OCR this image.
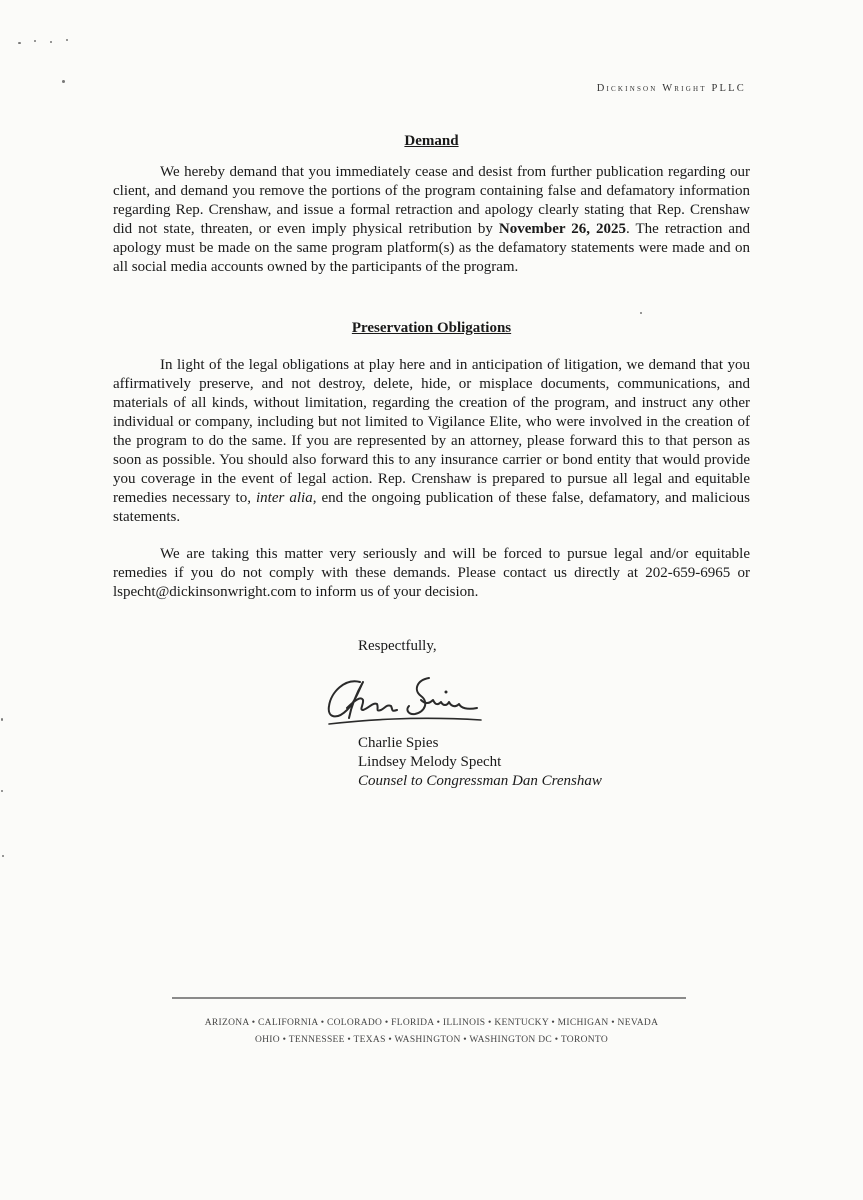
Dickinson Wright PLLC
Demand

We hereby demand that you immediately cease and desist from further publication regarding our client, and demand you remove the portions of the program containing false and defamatory information regarding Rep. Crenshaw, and issue a formal retraction and apology clearly stating that Rep. Crenshaw did not state, threaten, or even imply physical retribution by November 26, 2025. The retraction and apology must be made on the same program platform(s) as the defamatory statements were made and on all social media accounts owned by the participants of the program.

Preservation Obligations

In light of the legal obligations at play here and in anticipation of litigation, we demand that you affirmatively preserve, and not destroy, delete, hide, or misplace documents, communications, and materials of all kinds, without limitation, regarding the creation of the program, and instruct any other individual or company, including but not limited to Vigilance Elite, who were involved in the creation of the program to do the same. If you are represented by an attorney, please forward this to that person as soon as possible. You should also forward this to any insurance carrier or bond entity that would provide you coverage in the event of legal action. Rep. Crenshaw is prepared to pursue all legal and equitable remedies necessary to, inter alia, end the ongoing publication of these false, defamatory, and malicious statements.

We are taking this matter very seriously and will be forced to pursue legal and/or equitable remedies if you do not comply with these demands. Please contact us directly at 202-659-6965 or lspecht@dickinsonwright.com to inform us of your decision.

Respectfully,
Charlie Spies
Lindsey Melody Specht
Counsel to Congressman Dan Crenshaw
ARIZONA • CALIFORNIA • COLORADO • FLORIDA • ILLINOIS • KENTUCKY • MICHIGAN • NEVADA
OHIO • TENNESSEE • TEXAS • WASHINGTON • WASHINGTON DC • TORONTO
